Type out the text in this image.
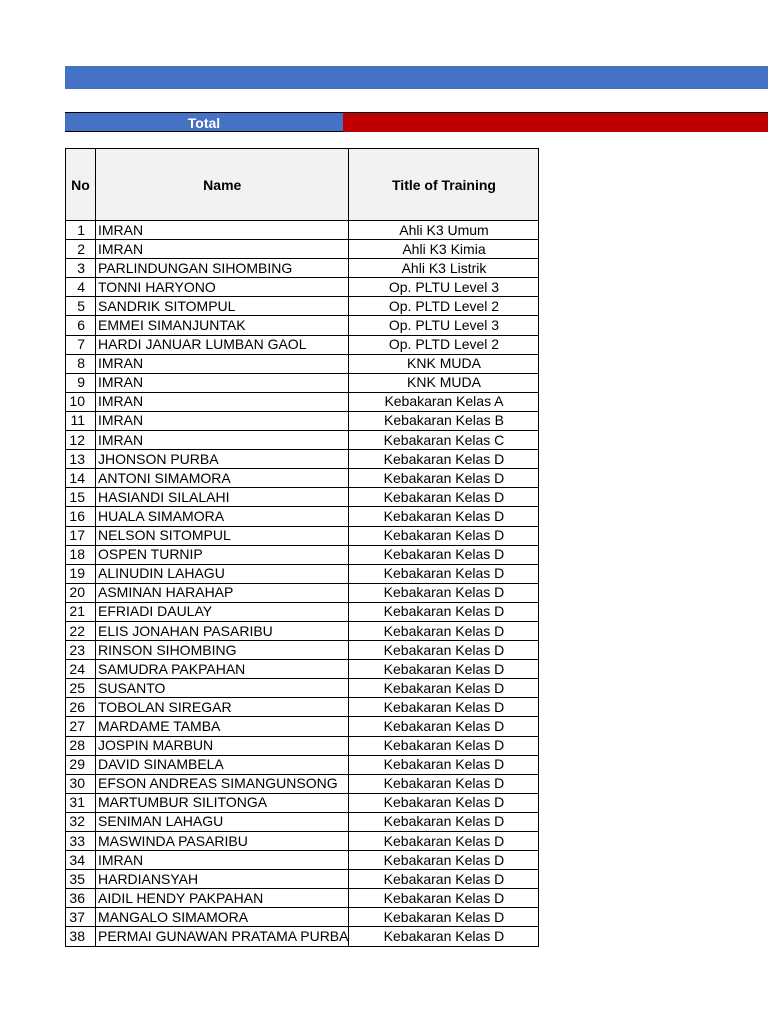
Total
No	Name	Title of Training
1	IMRAN	Ahli K3 Umum
2	IMRAN	Ahli K3 Kimia
3	PARLINDUNGAN SIHOMBING	Ahli K3 Listrik
4	TONNI HARYONO	Op. PLTU Level 3
5	SANDRIK SITOMPUL	Op. PLTD Level 2
6	EMMEI SIMANJUNTAK	Op. PLTU Level 3
7	HARDI JANUAR LUMBAN GAOL	Op. PLTD Level 2
8	IMRAN	KNK MUDA
9	IMRAN	KNK MUDA
10	IMRAN	Kebakaran Kelas A
11	IMRAN	Kebakaran Kelas B
12	IMRAN	Kebakaran Kelas C
13	JHONSON PURBA	Kebakaran Kelas D
14	ANTONI SIMAMORA	Kebakaran Kelas D
15	HASIANDI SILALAHI	Kebakaran Kelas D
16	HUALA SIMAMORA	Kebakaran Kelas D
17	NELSON SITOMPUL	Kebakaran Kelas D
18	OSPEN TURNIP	Kebakaran Kelas D
19	ALINUDIN LAHAGU	Kebakaran Kelas D
20	ASMINAN HARAHAP	Kebakaran Kelas D
21	EFRIADI DAULAY	Kebakaran Kelas D
22	ELIS JONAHAN PASARIBU	Kebakaran Kelas D
23	RINSON SIHOMBING	Kebakaran Kelas D
24	SAMUDRA PAKPAHAN	Kebakaran Kelas D
25	SUSANTO	Kebakaran Kelas D
26	TOBOLAN SIREGAR	Kebakaran Kelas D
27	MARDAME TAMBA	Kebakaran Kelas D
28	JOSPIN MARBUN	Kebakaran Kelas D
29	DAVID SINAMBELA	Kebakaran Kelas D
30	EFSON ANDREAS SIMANGUNSONG	Kebakaran Kelas D
31	MARTUMBUR SILITONGA	Kebakaran Kelas D
32	SENIMAN LAHAGU	Kebakaran Kelas D
33	MASWINDA PASARIBU	Kebakaran Kelas D
34	IMRAN	Kebakaran Kelas D
35	HARDIANSYAH	Kebakaran Kelas D
36	AIDIL HENDY PAKPAHAN	Kebakaran Kelas D
37	MANGALO SIMAMORA	Kebakaran Kelas D
38	PERMAI GUNAWAN PRATAMA PURBA	Kebakaran Kelas D
